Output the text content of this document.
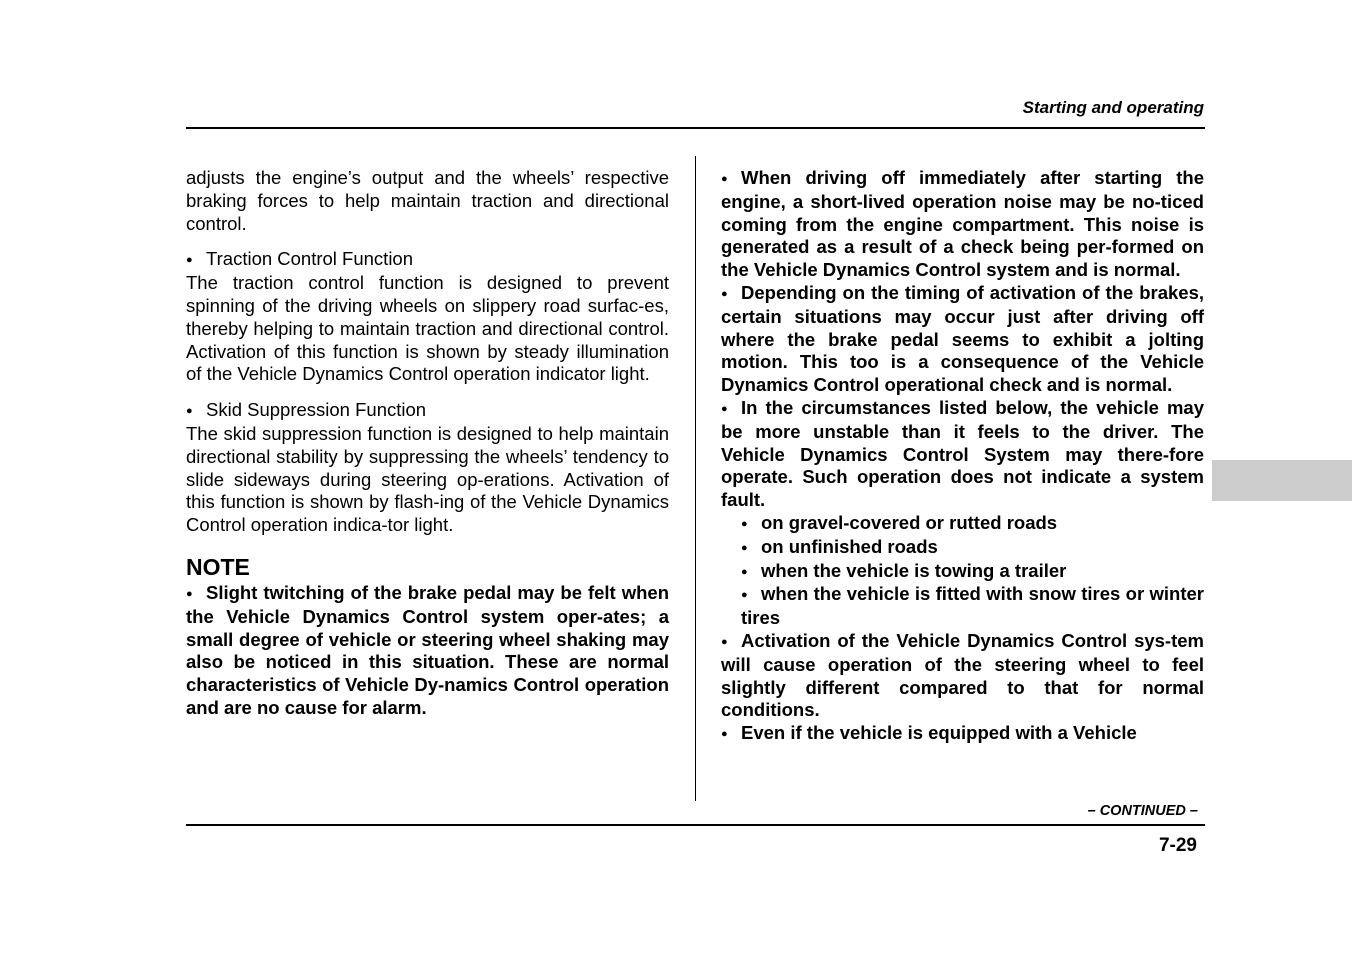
Starting and operating

adjusts the engine’s output and the wheels’ respective braking forces to help maintain traction and directional control.

● Traction Control Function

The traction control function is designed to prevent spinning of the driving wheels on slippery road surfac-es, thereby helping to maintain traction and directional control. Activation of this function is shown by steady illumination of the Vehicle Dynamics Control operation indicator light.

● Skid Suppression Function

The skid suppression function is designed to help maintain directional stability by suppressing the wheels’ tendency to slide sideways during steering op-erations. Activation of this function is shown by flash-ing of the Vehicle Dynamics Control operation indica-tor light.

NOTE

● Slight twitching of the brake pedal may be felt when the Vehicle Dynamics Control system oper-ates; a small degree of vehicle or steering wheel shaking may also be noticed in this situation. These are normal characteristics of Vehicle Dy-namics Control operation and are no cause for alarm.

● When driving off immediately after starting the engine, a short-lived operation noise may be no-ticed coming from the engine compartment. This noise is generated as a result of a check being per-formed on the Vehicle Dynamics Control system and is normal.

● Depending on the timing of activation of the brakes, certain situations may occur just after driving off where the brake pedal seems to exhibit a jolting motion. This too is a consequence of the Vehicle Dynamics Control operational check and is normal.

● In the circumstances listed below, the vehicle may be more unstable than it feels to the driver. The Vehicle Dynamics Control System may there-fore operate. Such operation does not indicate a system fault.

● on gravel-covered or rutted roads
● on unfinished roads
● when the vehicle is towing a trailer
● when the vehicle is fitted with snow tires or winter tires

● Activation of the Vehicle Dynamics Control sys-tem will cause operation of the steering wheel to feel slightly different compared to that for normal conditions.

● Even if the vehicle is equipped with a Vehicle

– CONTINUED –
7-29
